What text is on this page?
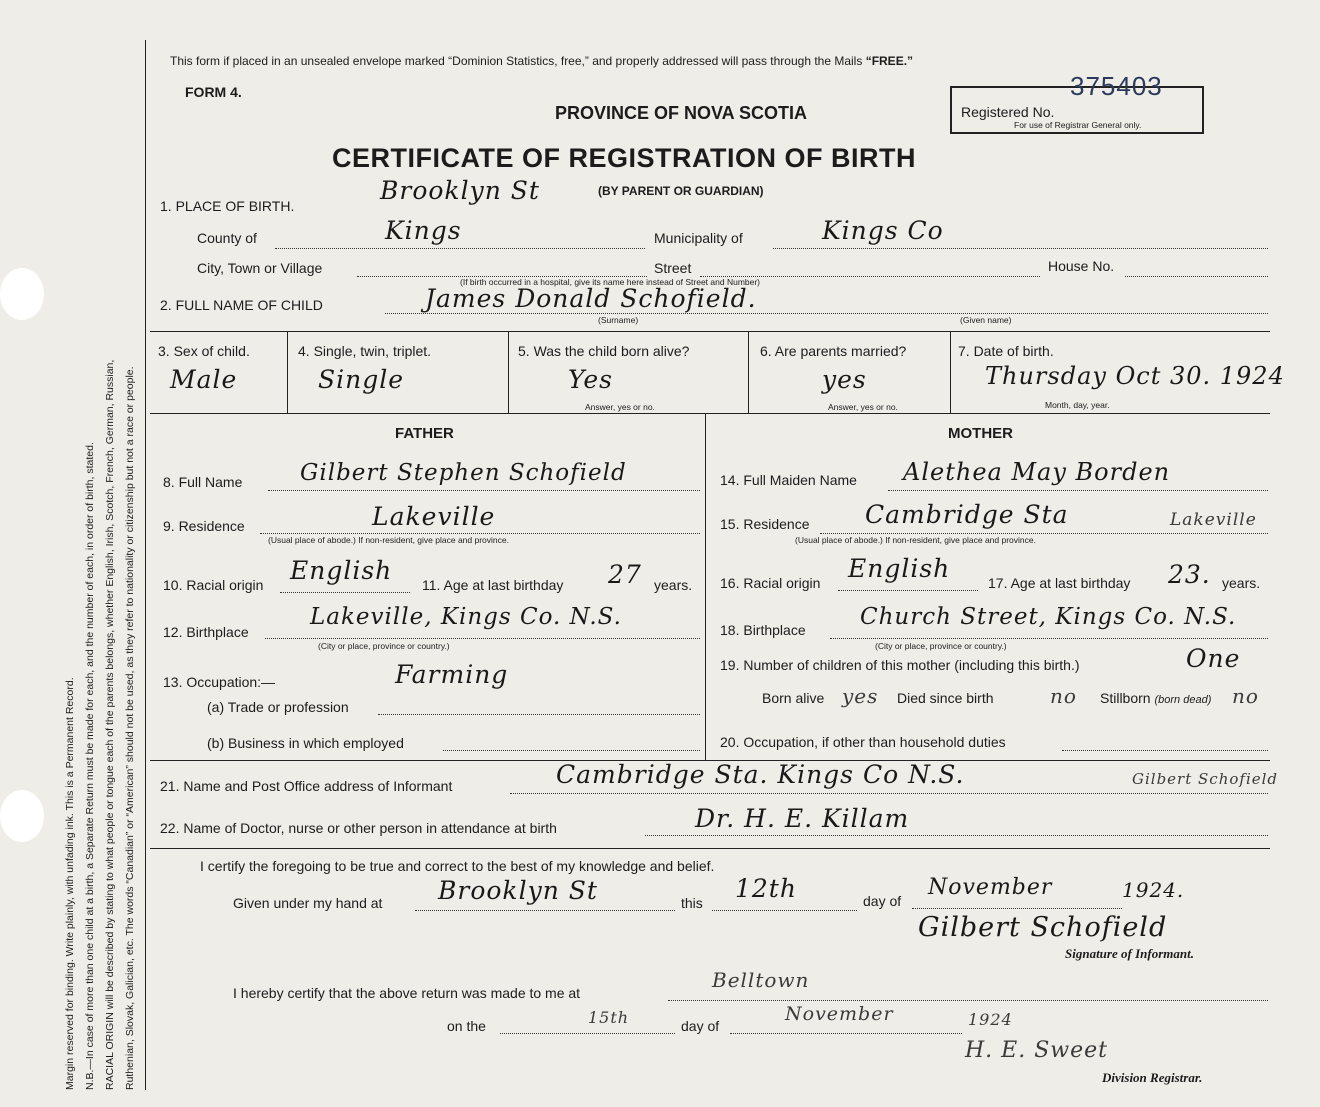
Margin reserved for binding. Write plainly, with unfading ink. This is a Permanent Record. N.B.—In case of more than one child at a birth, a Separate Return must be made for each, and the number of each, in order of birth, stated. RACIAL ORIGIN will be described by stating to what people or tongue each of the parents belongs, whether English, Irish, Scotch, French, German, Russian, Ruthenian, Slovak, Galician, etc. The words “Canadian” or “American” should not be used, as they refer to nationality or citizenship but not a race or people.
This form if placed in an unsealed envelope marked “Dominion Statistics, free,” and properly addressed will pass through the Mails “FREE.”
FORM 4.
PROVINCE OF NOVA SCOTIA
CERTIFICATE OF REGISTRATION OF BIRTH
Registered No.
For use of Registrar General only.
375403
1. PLACE OF BIRTH.
Brooklyn St	(BY PARENT OR GUARDIAN)
County of	Kings	Municipality of	Kings Co
City, Town or Village	Street	House No.
(If birth occurred in a hospital, give its name here instead of Street and Number)
2. FULL NAME OF CHILD	James Donald Schofield.
(Surname)	(Given name)
3. Sex of child.
Male
4. Single, twin, triplet.
Single
5. Was the child born alive?
Yes
Answer, yes or no.
6. Are parents married?
yes
Answer, yes or no.
7. Date of birth.
Thursday Oct 30. 1924
Month, day, year.
FATHER	MOTHER
8. Full Name	Gilbert Stephen Schofield	14. Full Maiden Name Alethea May Borden
9. Residence	Lakeville
(Usual place of abode.) If non-resident, give place and province.
15. Residence Cambridge Sta	Lakeville
(Usual place of abode.) If non-resident, give place and province.
10. Racial origin English 11. Age at last birthday 27 years. 16. Racial origin English	17. Age at last birthday 23. years.
12. Birthplace
Lakeville, Kings Co. N.S.
(City or place, province or country.)
18. Birthplace Church Street, Kings Co. N.S.
(City or place, province or country.)
13. Occupation:—	Farming
(a) Trade or profession
(b) Business in which employed
19. Number of children of this mother (including this birth.)	One
Born alive yes Died since birth	no Stillborn (born dead) no
20. Occupation, if other than household duties
21. Name and Post Office address of Informant	Cambridge Sta. Kings Co N.S.	Gilbert Schofield
22. Name of Doctor, nurse or other person in attendance at birth	Dr. H. E. Killam
I certify the foregoing to be true and correct to the best of my knowledge and belief.
Given under my hand at Brooklyn St	this 12th	day of
November	1924.
Gilbert Schofield
Signature of Informant.
I hereby certify that the above return was made to me at
Belltown
on the	15th	day of
November	1924
H. E. Sweet
Division Registrar.
